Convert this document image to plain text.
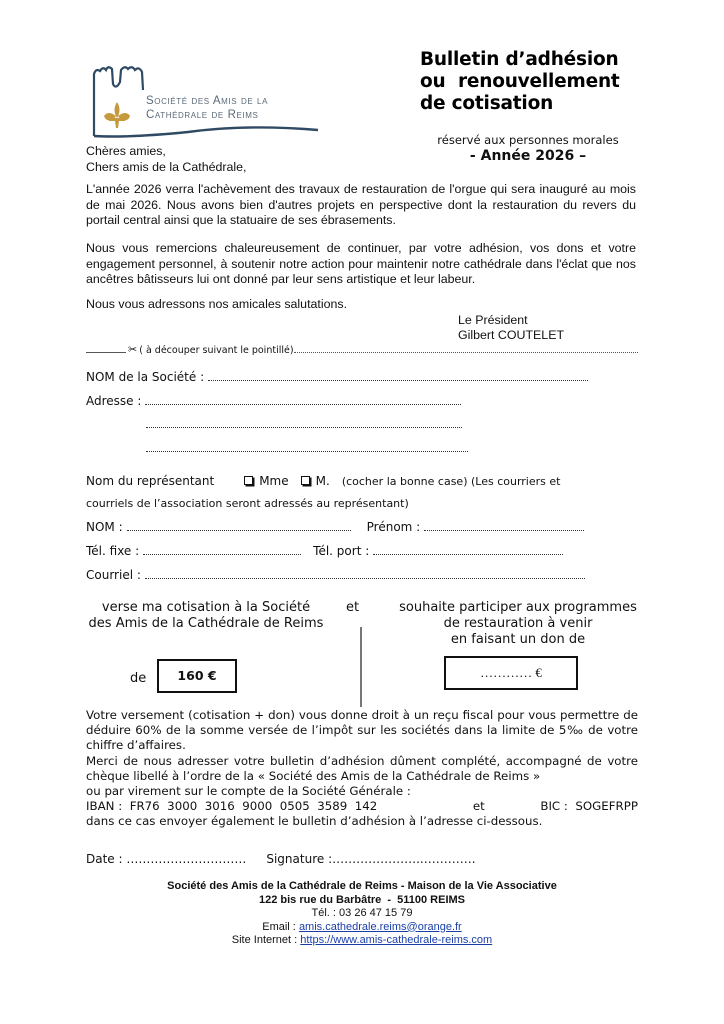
Société des Amis de la
Cathédrale de Reims
Bulletin d’adhésion
ou  renouvellement
de cotisation
réservé aux personnes morales
- Année 2026 –
Chères amies,
Chers amis de la Cathédrale,
L'année 2026 verra l'achèvement des travaux de restauration de l'orgue qui sera inauguré au mois de mai 2026. Nous avons bien d'autres projets en perspective dont la restauration du revers du portail central ainsi que la statuaire de ses ébrasements.
Nous vous remercions chaleureusement de continuer, par votre adhésion, vos dons et votre engagement personnel, à soutenir notre action pour maintenir notre cathédrale dans l'éclat que nos ancêtres bâtisseurs lui ont donné par leur sens artistique et leur labeur.
Nous vous adressons nos amicales salutations.
Le Président
Gilbert COUTELET
✂ ( à découper suivant le pointillé)
NOM de la Société :
Adresse :
Nom du représentant	Mme M. (cocher la bonne case) (Les courriers et
courriels de l’association seront adressés au représentant)
NOM :	Prénom :
Tél. fixe :	Tél. port :
Courriel :
verse ma cotisation à la Société
des Amis de la Cathédrale de Reims
et	souhaite participer aux programmes
de restauration à venir
en faisant un don de
de	160 €	………… €
Votre versement (cotisation + don) vous donne droit à un reçu fiscal pour vous permettre de déduire 60% de la somme versée de l’impôt sur les sociétés dans la limite de 5‰ de votre chiffre d’affaires.
Merci de nous adresser votre bulletin d’adhésion dûment complété, accompagné de votre chèque libellé à l’ordre de la « Société des Amis de la Cathédrale de Reims »
ou par virement sur le compte de la Société Générale :
IBAN :  FR76  3000  3016  9000  0505  3589  142	et	BIC :  SOGEFRPP
dans ce cas envoyer également le bulletin d’adhésion à l’adresse ci-dessous.
Date : ………………………… Signature :…………………..………….
Société des Amis de la Cathédrale de Reims - Maison de la Vie Associative
122 bis rue du Barbâtre  -  51100 REIMS
Tél. : 03 26 47 15 79
Email : amis.cathedrale.reims@orange.fr
Site Internet : https://www.amis-cathedrale-reims.com
